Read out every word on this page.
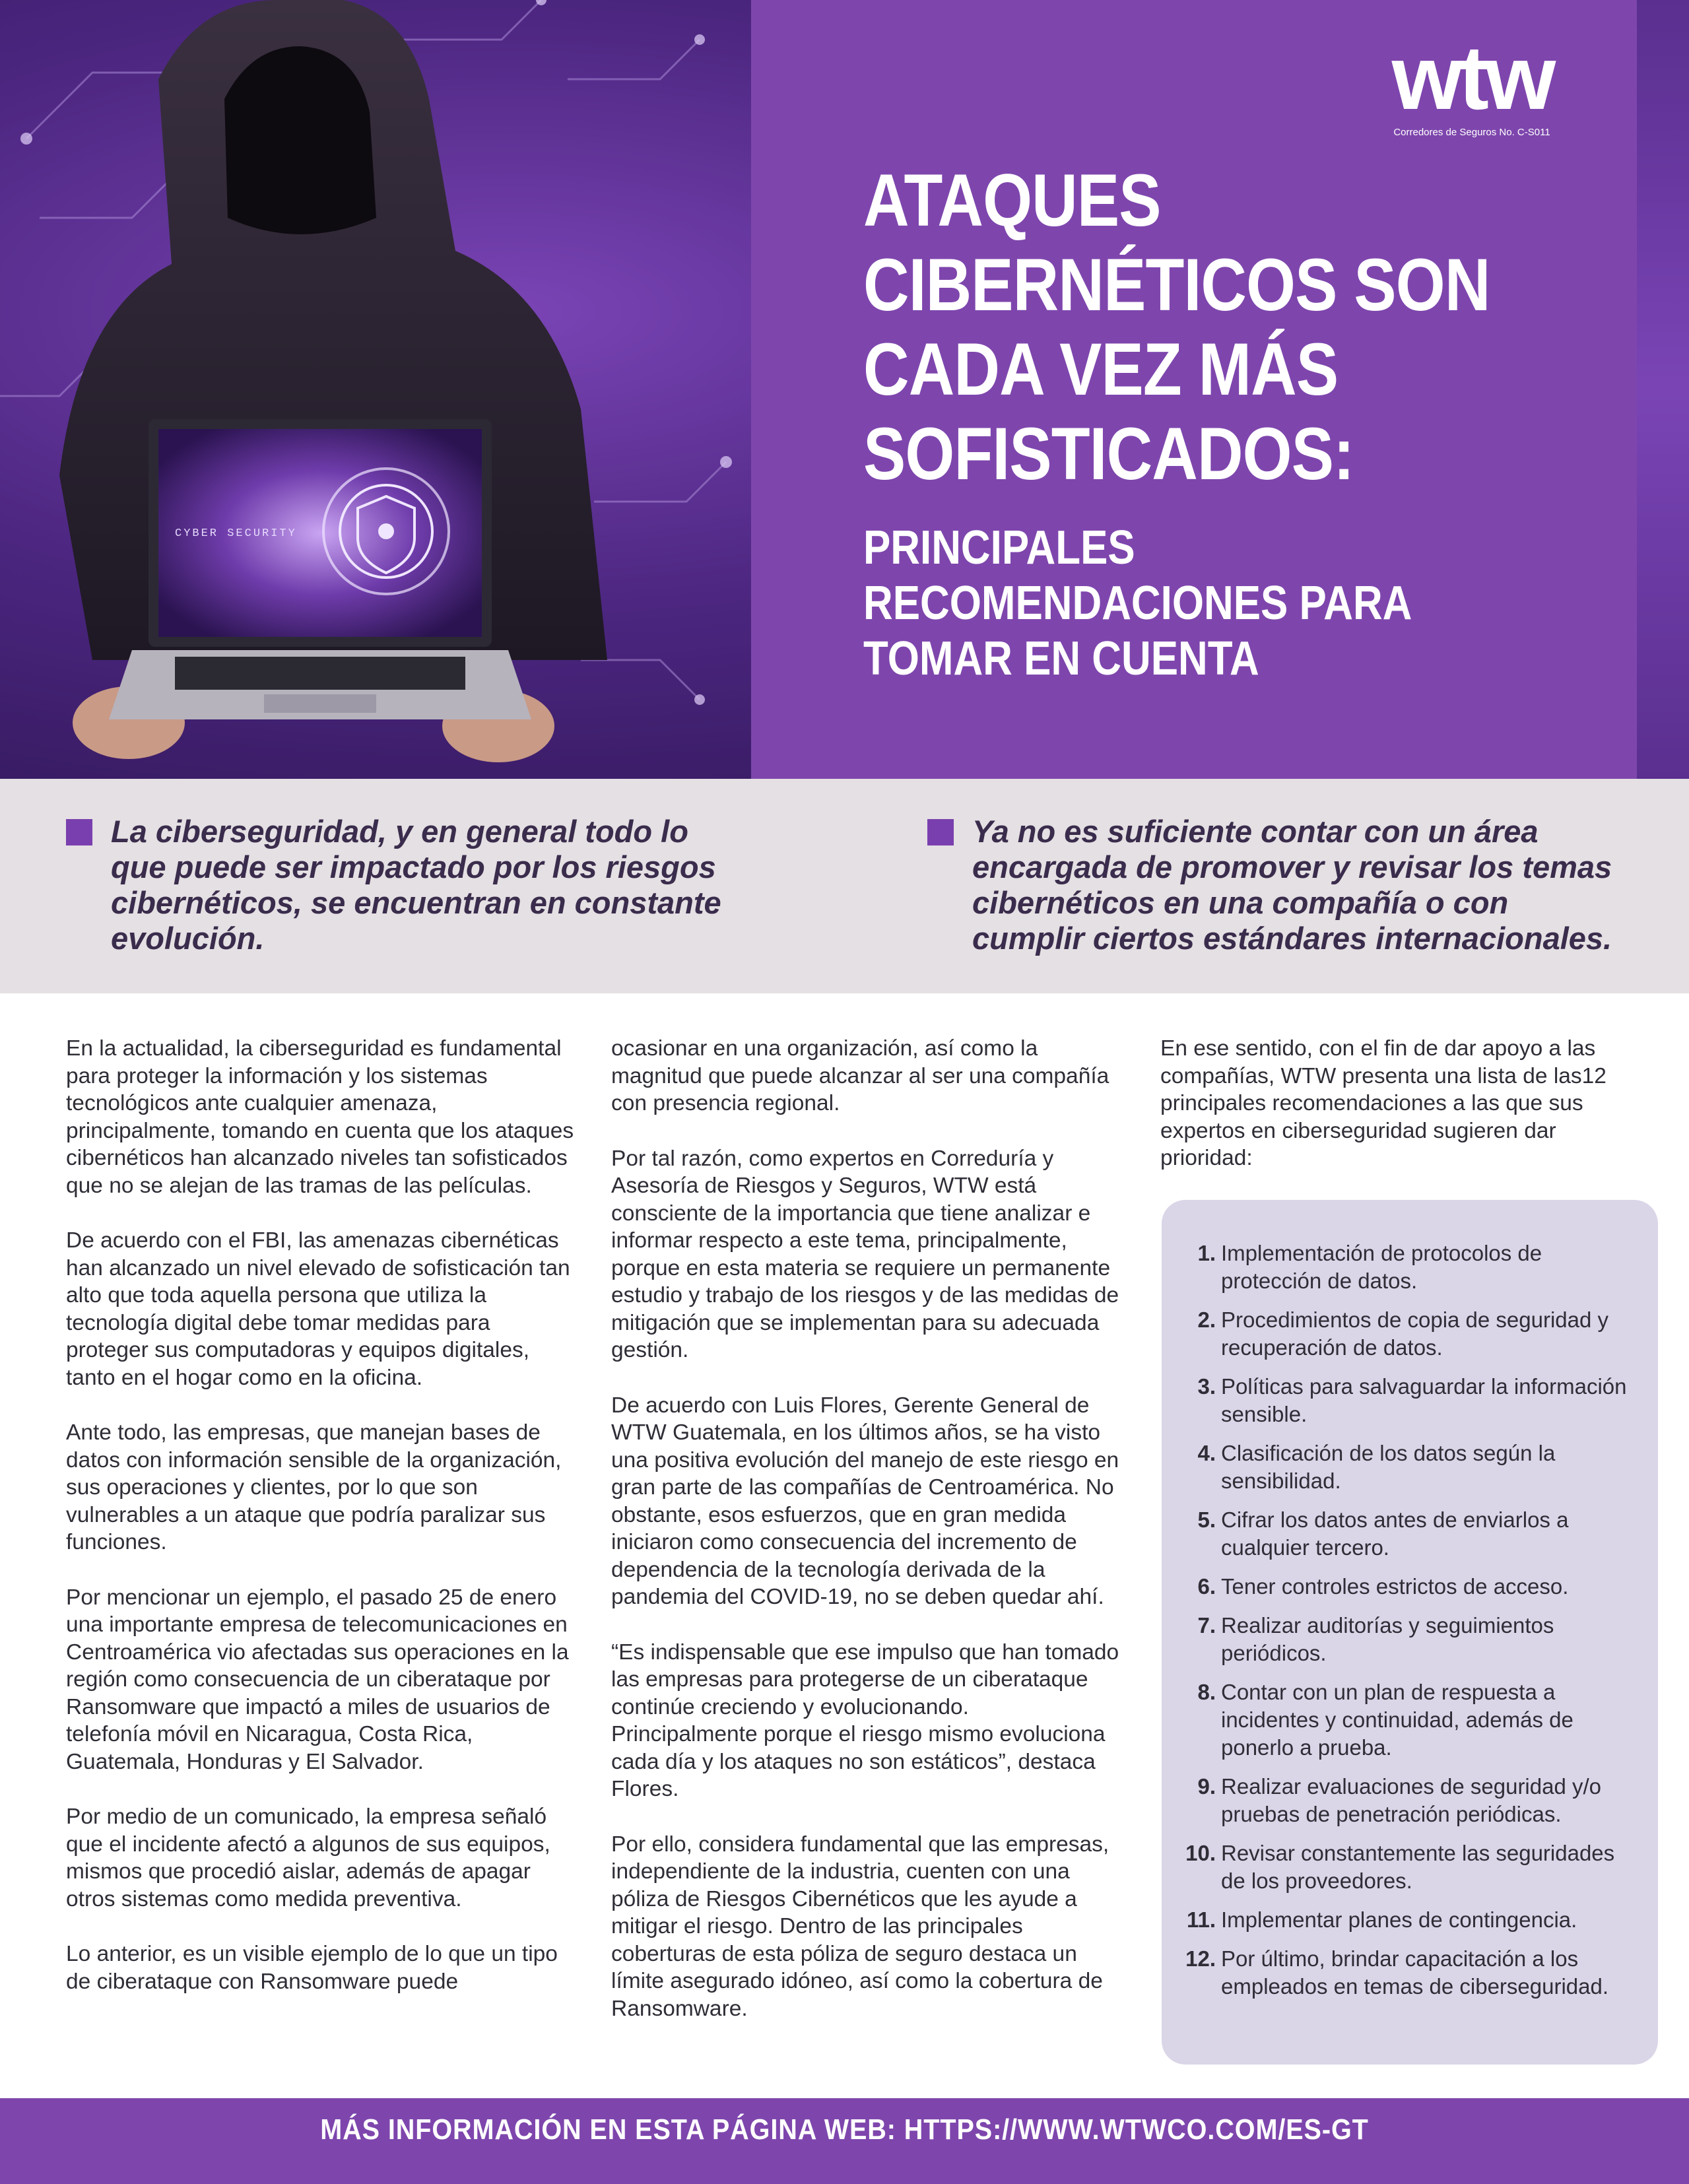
CYBER SECURITY
wtw
Corredores de Seguros No. C-S011
ATAQUES
CIBERNÉTICOS SON
CADA VEZ MÁS
SOFISTICADOS:
PRINCIPALES
RECOMENDACIONES PARA
TOMAR EN CUENTA

La ciberseguridad, y en general todo lo que puede ser impactado por los riesgos cibernéticos, se encuentran en constante evolución.

Ya no es suficiente contar con un área encargada de promover y revisar los temas cibernéticos en una compañía o con cumplir ciertos estándares internacionales.

En la actualidad, la ciberseguridad es fundamental para proteger la información y los sistemas tecnológicos ante cualquier amenaza, principalmente, tomando en cuenta que los ataques cibernéticos han alcanzado niveles tan sofisticados que no se alejan de las tramas de las películas.

De acuerdo con el FBI, las amenazas cibernéticas han alcanzado un nivel elevado de sofisticación tan alto que toda aquella persona que utiliza la tecnología digital debe tomar medidas para proteger sus computadoras y equipos digitales, tanto en el hogar como en la oficina.

Ante todo, las empresas, que manejan bases de datos con información sensible de la organización, sus operaciones y clientes, por lo que son vulnerables a un ataque que podría paralizar sus funciones.

Por mencionar un ejemplo, el pasado 25 de enero una importante empresa de telecomunicaciones en Centroamérica vio afectadas sus operaciones en la región como consecuencia de un ciberataque por Ransomware que impactó a miles de usuarios de telefonía móvil en Nicaragua, Costa Rica, Guatemala, Honduras y El Salvador.

Por medio de un comunicado, la empresa señaló que el incidente afectó a algunos de sus equipos, mismos que procedió aislar, además de apagar otros sistemas como medida preventiva.

Lo anterior, es un visible ejemplo de lo que un tipo de ciberataque con Ransomware puede

ocasionar en una organización, así como la magnitud que puede alcanzar al ser una compañía con presencia regional.

Por tal razón, como expertos en Correduría y Asesoría de Riesgos y Seguros, WTW está consciente de la importancia que tiene analizar e informar respecto a este tema, principalmente, porque en esta materia se requiere un permanente estudio y trabajo de los riesgos y de las medidas de mitigación que se implementan para su adecuada gestión.

De acuerdo con Luis Flores, Gerente General de WTW Guatemala, en los últimos años, se ha visto una positiva evolución del manejo de este riesgo en gran parte de las compañías de Centroamérica. No obstante, esos esfuerzos, que en gran medida iniciaron como consecuencia del incremento de dependencia de la tecnología derivada de la pandemia del COVID-19, no se deben quedar ahí.

“Es indispensable que ese impulso que han tomado las empresas para protegerse de un ciberataque continúe creciendo y evolucionando. Principalmente porque el riesgo mismo evoluciona cada día y los ataques no son estáticos”, destaca Flores.

Por ello, considera fundamental que las empresas, independiente de la industria, cuenten con una póliza de Riesgos Cibernéticos que les ayude a mitigar el riesgo. Dentro de las principales coberturas de esta póliza de seguro destaca un límite asegurado idóneo, así como la cobertura de Ransomware.

En ese sentido, con el fin de dar apoyo a las compañías, WTW presenta una lista de las12 principales recomendaciones a las que sus expertos en ciberseguridad sugieren dar prioridad:

1. Implementación de protocolos de protección de datos.
2. Procedimientos de copia de seguridad y recuperación de datos.
3. Políticas para salvaguardar la información sensible.
4. Clasificación de los datos según la sensibilidad.
5. Cifrar los datos antes de enviarlos a cualquier tercero.
6. Tener controles estrictos de acceso.
7. Realizar auditorías y seguimientos periódicos.
8. Contar con un plan de respuesta a incidentes y continuidad, además de ponerlo a prueba.
9. Realizar evaluaciones de seguridad y/o pruebas de penetración periódicas.
10. Revisar constantemente las seguridades de los proveedores.
11. Implementar planes de contingencia.
12. Por último, brindar capacitación a los empleados en temas de ciberseguridad.
MÁS INFORMACIÓN EN ESTA PÁGINA WEB: HTTPS://WWW.WTWCO.COM/ES-GT
